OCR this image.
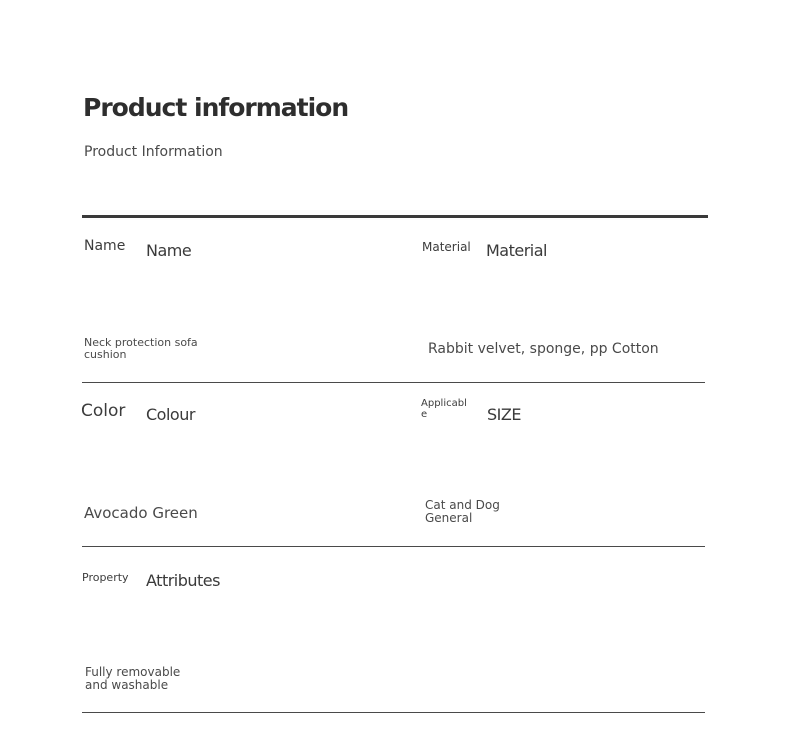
Product information
Product Information
Name Name
Neck protection sofa cushion
Material Material
Rabbit velvet, sponge, pp Cotton
Color Colour
Avocado Green
Applicable	SIZE
Cat and Dog General
Property Attributes
Fully removable and washable
